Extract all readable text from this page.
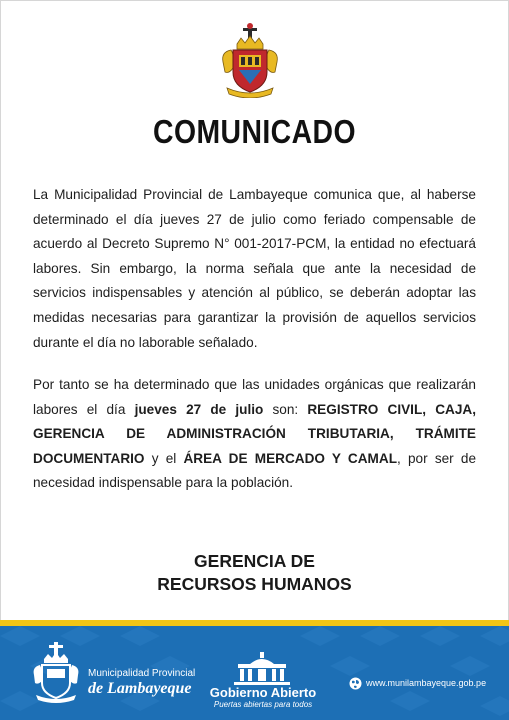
COMUNICADO

La Municipalidad Provincial de Lambayeque comunica que, al haberse determinado el día jueves 27 de julio como feriado compensable de acuerdo al Decreto Supremo N° 001-2017-PCM, la entidad no efectuará labores. Sin embargo, la norma señala que ante la necesidad de servicios indispensables y atención al público, se deberán adoptar las medidas necesarias para garantizar la provisión de aquellos servicios durante el día no laborable señalado.

Por tanto se ha determinado que las unidades orgánicas que realizarán labores el día jueves 27 de julio son: REGISTRO CIVIL, CAJA, GERENCIA DE ADMINISTRACIÓN TRIBUTARIA, TRÁMITE DOCUMENTARIO y el ÁREA DE MERCADO Y CAMAL, por ser de necesidad indispensable para la población.

GERENCIA DE
RECURSOS HUMANOS
Municipalidad Provincial
de Lambayeque	Gobierno Abierto
Puertas abiertas para todos
www.munilambayeque.gob.pe
